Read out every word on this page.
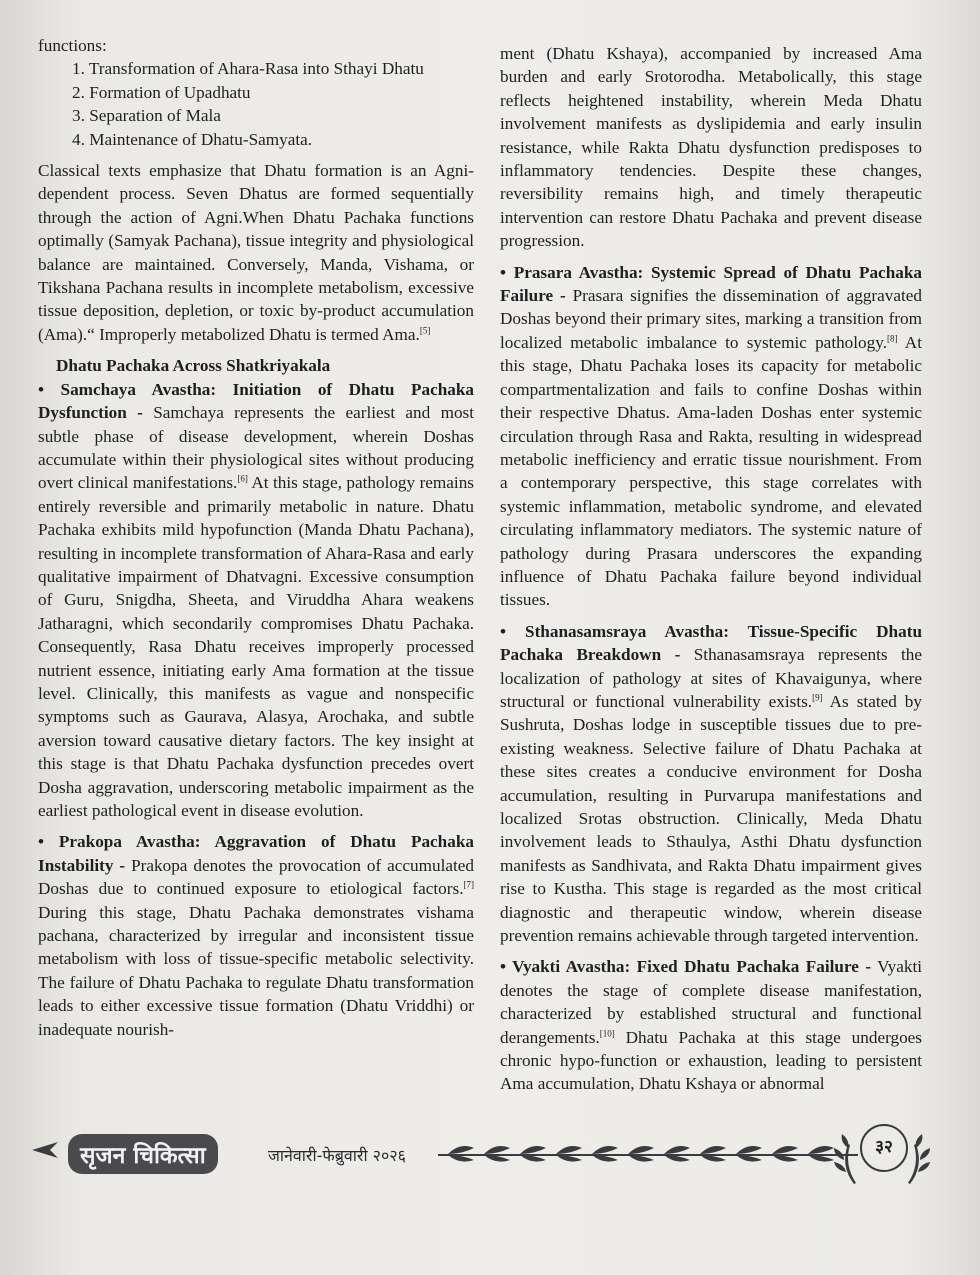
functions:
1. Transformation of Ahara-Rasa into Sthayi Dhatu
2. Formation of Upadhatu
3. Separation of Mala
4. Maintenance of Dhatu-Samyata.

Classical texts emphasize that Dhatu formation is an Agni-dependent process. Seven Dhatus are formed sequentially through the action of Agni.When Dhatu Pachaka functions optimally (Samyak Pachana), tissue integrity and physiological balance are maintained. Conversely, Manda, Vishama, or Tikshana Pachana results in incomplete metabolism, excessive tissue deposition, depletion, or toxic by-product accumulation (Ama).“ Improperly metabolized Dhatu is termed Ama.[5]

Dhatu Pachaka Across Shatkriyakala

• Samchaya Avastha: Initiation of Dhatu Pachaka Dysfunction - Samchaya represents the earliest and most subtle phase of disease development, wherein Doshas accumulate within their physiological sites without producing overt clinical manifestations.[6] At this stage, pathology remains entirely reversible and primarily metabolic in nature. Dhatu Pachaka exhibits mild hypofunction (Manda Dhatu Pachana), resulting in incomplete transformation of Ahara-Rasa and early qualitative impairment of Dhatvagni. Excessive consumption of Guru, Snigdha, Sheeta, and Viruddha Ahara weakens Jatharagni, which secondarily compromises Dhatu Pachaka. Consequently, Rasa Dhatu receives improperly processed nutrient essence, initiating early Ama formation at the tissue level. Clinically, this manifests as vague and nonspecific symptoms such as Gaurava, Alasya, Arochaka, and subtle aversion toward causative dietary factors. The key insight at this stage is that Dhatu Pachaka dysfunction precedes overt Dosha aggravation, underscoring metabolic impairment as the earliest pathological event in disease evolution.

• Prakopa Avastha: Aggravation of Dhatu Pachaka Instability - Prakopa denotes the provocation of accumulated Doshas due to continued exposure to etiological factors.[7] During this stage, Dhatu Pachaka demonstrates vishama pachana, characterized by irregular and inconsistent tissue metabolism with loss of tissue-specific metabolic selectivity. The failure of Dhatu Pachaka to regulate Dhatu transformation leads to either excessive tissue formation (Dhatu Vriddhi) or inadequate nourish-

ment (Dhatu Kshaya), accompanied by increased Ama burden and early Srotorodha. Metabolically, this stage reflects heightened instability, wherein Meda Dhatu involvement manifests as dyslipidemia and early insulin resistance, while Rakta Dhatu dysfunction predisposes to inflammatory tendencies. Despite these changes, reversibility remains high, and timely therapeutic intervention can restore Dhatu Pachaka and prevent disease progression.

• Prasara Avastha: Systemic Spread of Dhatu Pachaka Failure - Prasara signifies the dissemination of aggravated Doshas beyond their primary sites, marking a transition from localized metabolic imbalance to systemic pathology.[8] At this stage, Dhatu Pachaka loses its capacity for metabolic compartmentalization and fails to confine Doshas within their respective Dhatus. Ama-laden Doshas enter systemic circulation through Rasa and Rakta, resulting in widespread metabolic inefficiency and erratic tissue nourishment. From a contemporary perspective, this stage correlates with systemic inflammation, metabolic syndrome, and elevated circulating inflammatory mediators. The systemic nature of pathology during Prasara underscores the expanding influence of Dhatu Pachaka failure beyond individual tissues.

• Sthanasamsraya Avastha: Tissue-Specific Dhatu Pachaka Breakdown - Sthanasamsraya represents the localization of pathology at sites of Khavaigunya, where structural or functional vulnerability exists.[9] As stated by Sushruta, Doshas lodge in susceptible tissues due to pre-existing weakness. Selective failure of Dhatu Pachaka at these sites creates a conducive environment for Dosha accumulation, resulting in Purvarupa manifestations and localized Srotas obstruction. Clinically, Meda Dhatu involvement leads to Sthaulya, Asthi Dhatu dysfunction manifests as Sandhivata, and Rakta Dhatu impairment gives rise to Kustha. This stage is regarded as the most critical diagnostic and therapeutic window, wherein disease prevention remains achievable through targeted intervention.

• Vyakti Avastha: Fixed Dhatu Pachaka Failure - Vyakti denotes the stage of complete disease manifestation, characterized by established structural and functional derangements.[10] Dhatu Pachaka at this stage undergoes chronic hypo-function or exhaustion, leading to persistent Ama accumulation, Dhatu Kshaya or abnormal

सृजन चिकित्सा	जानेवारी-फेब्रुवारी २०२६	३२
